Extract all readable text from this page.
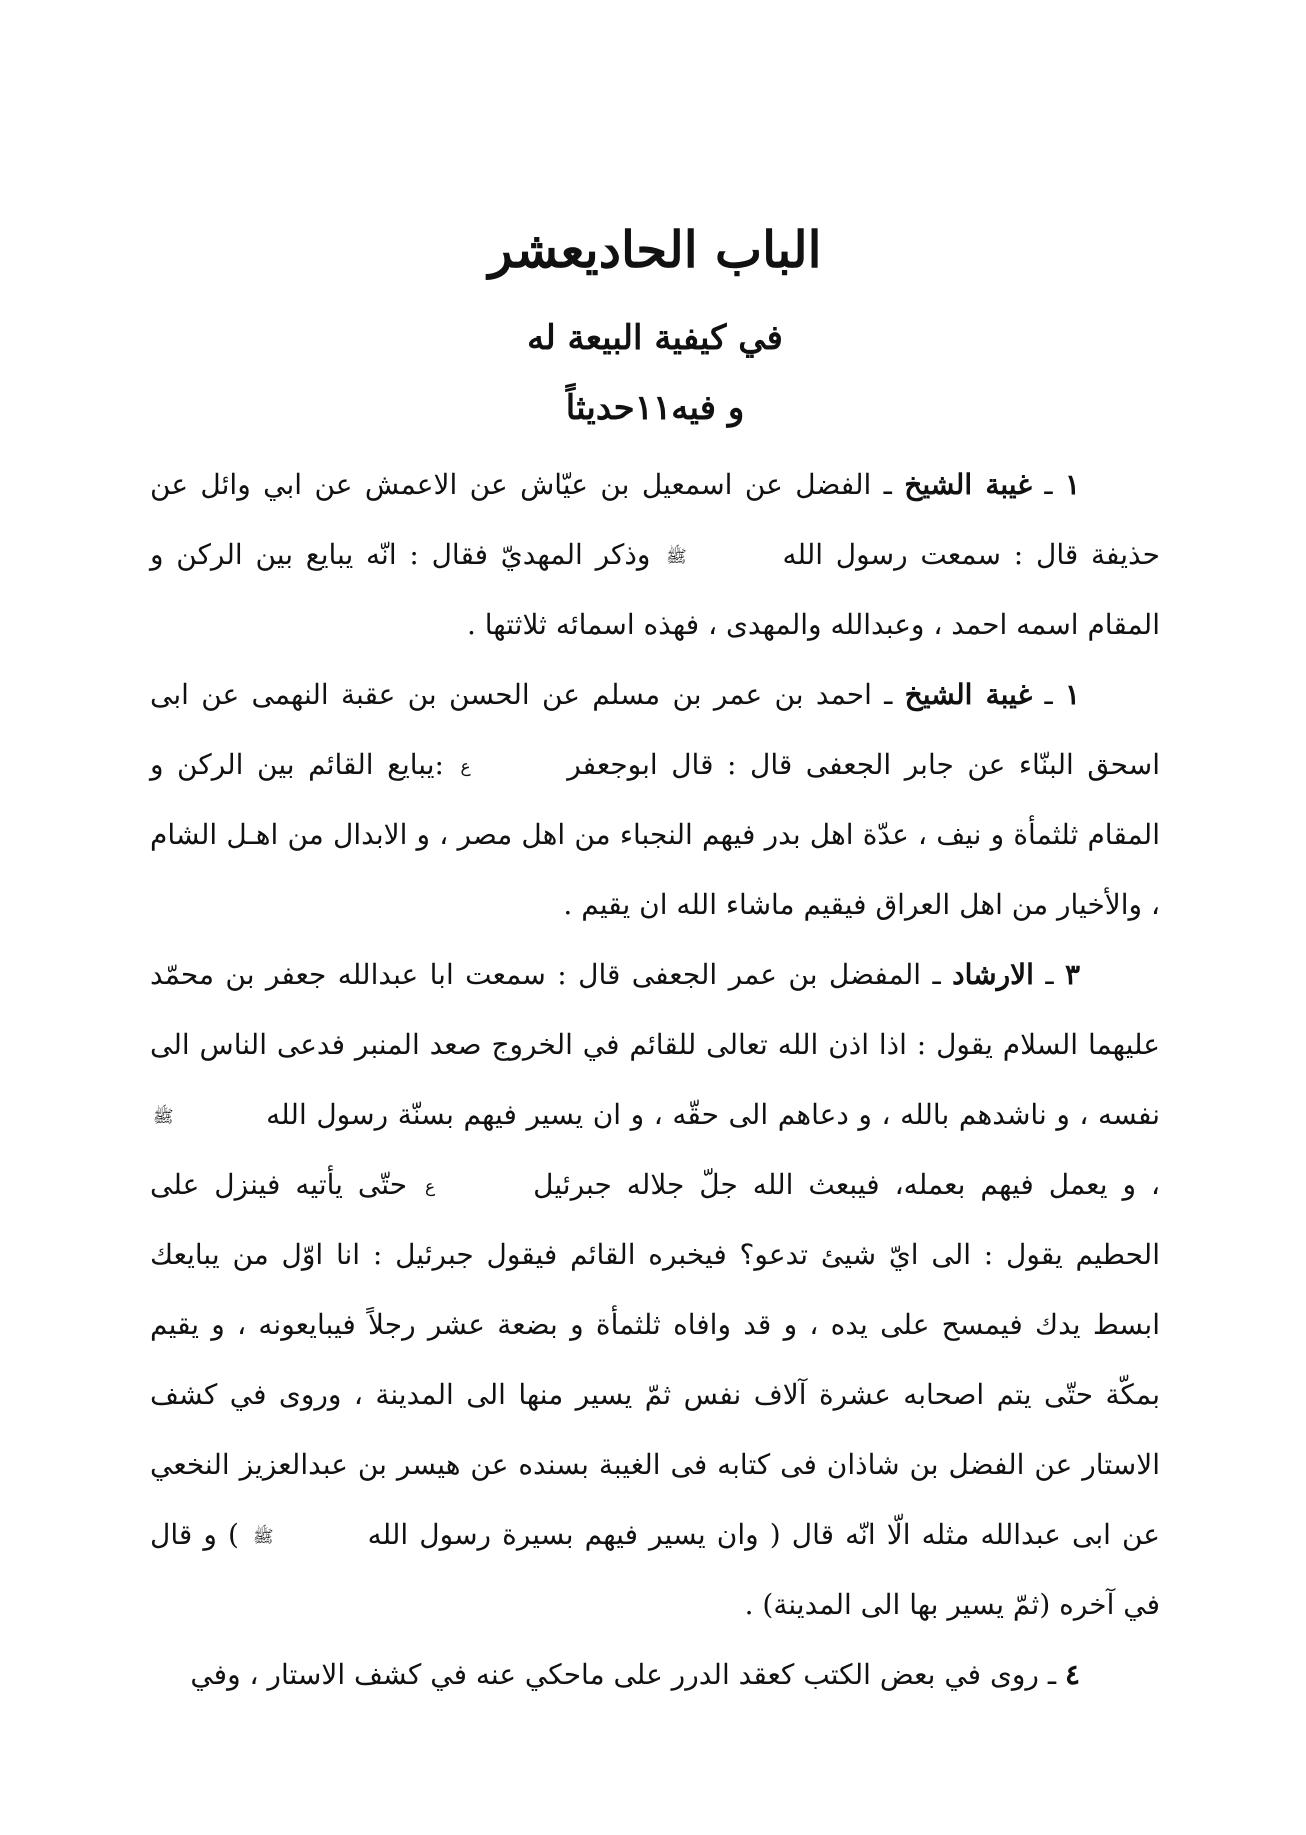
الباب الحاديعشر
في كيفية البيعة له
و فيه١١حديثاً

١ ـ غيبة الشيخ ـ الفضل عن اسمعيل بن عيّاش عن الاعمش عن ابي وائل عن حذيفة قال : سمعت رسول الله ﷺ وذكر المهديّ فقال : انّه يبايع بين الركن و المقام اسمه احمد ، وعبدالله والمهدى ، فهذه اسمائه ثلاثتها .

١ ـ غيبة الشيخ ـ احمد بن عمر بن مسلم عن الحسن بن عقبة النهمى عن ابى اسحق البنّاء عن جابر الجعفى قال : قال ابوجعفر ع :يبايع القائم بين الركن و المقام ثلثمأة و نيف ، عدّة اهل بدر فيهم النجباء من اهل مصر ، و الابدال من اهـل الشام ، والأخيار من اهل العراق فيقيم ماشاء الله ان يقيم .

٣ ـ الارشاد ـ المفضل بن عمر الجعفى قال : سمعت ابا عبدالله جعفر بن محمّد عليهما السلام يقول : اذا اذن الله تعالى للقائم في الخروج صعد المنبر فدعى الناس الى نفسه ، و ناشدهم بالله ، و دعاهم الى حقّه ، و ان يسير فيهم بسنّة رسول الله ﷺ ، و يعمل فيهم بعمله، فيبعث الله جلّ جلاله جبرئيل ع حتّى يأتيه فينزل على الحطيم يقول : الى ايّ شيئ تدعو؟ فيخبره القائم فيقول جبرئيل : انا اوّل من يبايعك ابسط يدك فيمسح على يده ، و قد وافاه ثلثمأة و بضعة عشر رجلاً فيبايعونه ، و يقيم بمكّة حتّى يتم اصحابه عشرة آلاف نفس ثمّ يسير منها الى المدينة ، وروى في كشف الاستار عن الفضل بن شاذان فى كتابه فى الغيبة بسنده عن هيسر بن عبدالعزيز النخعي عن ابى عبدالله مثله الّا انّه قال ( وان يسير فيهم بسيرة رسول الله ﷺ ) و قال في آخره (ثمّ يسير بها الى المدينة) .

٤ ـ روى في بعض الكتب كعقد الدرر على ماحكي عنه في كشف الاستار ، وفي
